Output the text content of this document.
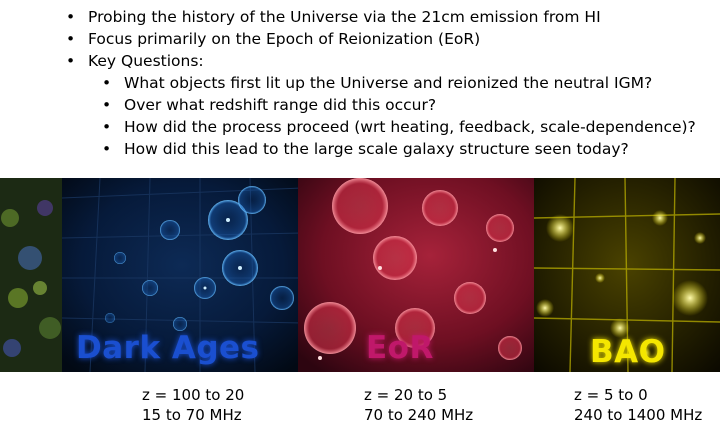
• Probing the history of the Universe via the 21cm emission from HI
• Focus primarily on the Epoch of Reionization (EoR)
• Key Questions:
• What objects first lit up the Universe and reionized the neutral IGM?
• Over what redshift range did this occur?
• How did the process proceed (wrt heating, feedback, scale-dependence)?
• How did this lead to the large scale galaxy structure seen today?
Dark Ages	EoR	BAO
z = 100 to 20
15 to 70 MHz
z = 20 to 5
70 to 240 MHz
z = 5 to 0
240 to 1400 MHz
